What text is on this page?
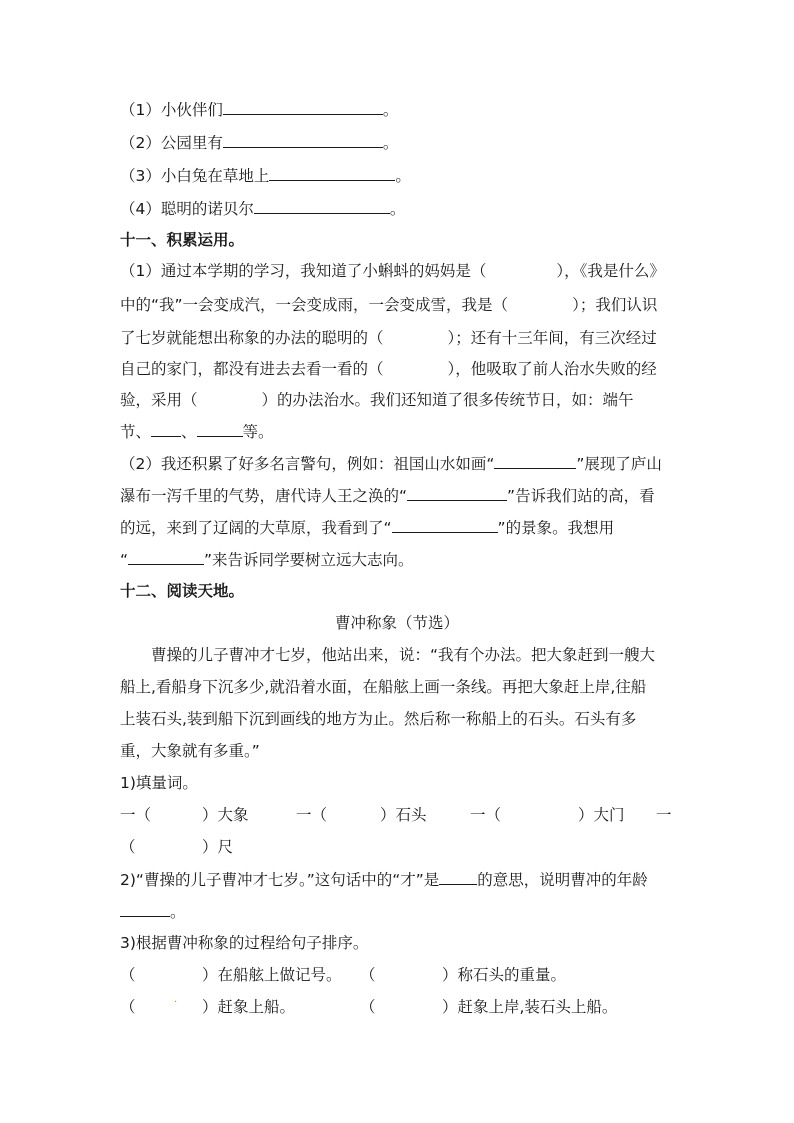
（1）小伙伴们	。
（2）公园里有	。
（3）小白兔在草地上	。
（4）聪明的诺贝尔	。
十一、积累运用。
（1）通过本学期的学习，我知道了小蝌蚪的妈妈是（	），《我是什么》
中的“我”一会变成汽，一会变成雨，一会变成雪，我是（	）；我们认识
了七岁就能想出称象的办法的聪明的（	）；还有十三年间，有三次经过
自己的家门，都没有进去去看一看的（	），他吸取了前人治水失败的经
验，采用（	）的办法治水。我们还知道了很多传统节日，如：端午
节、 、	等。
（2）我还积累了好多名言警句，例如：祖国山水如画“	”展现了庐山
瀑布一泻千里的气势，唐代诗人王之涣的“	”告诉我们站的高，看
的远，来到了辽阔的大草原，我看到了“	”的景象。我想用
“	”来告诉同学要树立远大志向。
十二、阅读天地。
曹冲称象（节选）
曹操的儿子曹冲才七岁，他站出来，说：“我有个办法。把大象赶到一艘大
船上,看船身下沉多少,就沿着水面，在船舷上画一条线。再把大象赶上岸,往船
上装石头,装到船下沉到画线的地方为止。然后称一称船上的石头。石头有多
重，大象就有多重。”
1)填量词。
一（	）大象	一（	）石头	一（	）大门 一
（	）尺
2)“曹操的儿子曹冲才七岁。”这句话中的“才”是 的意思，说明曹冲的年龄
。
3)根据曹冲称象的过程给句子排序。
（	）在船舷上做记号。 （	）称石头的重量。
（	· ）赶象上船。	（	）赶象上岸,装石头上船。
